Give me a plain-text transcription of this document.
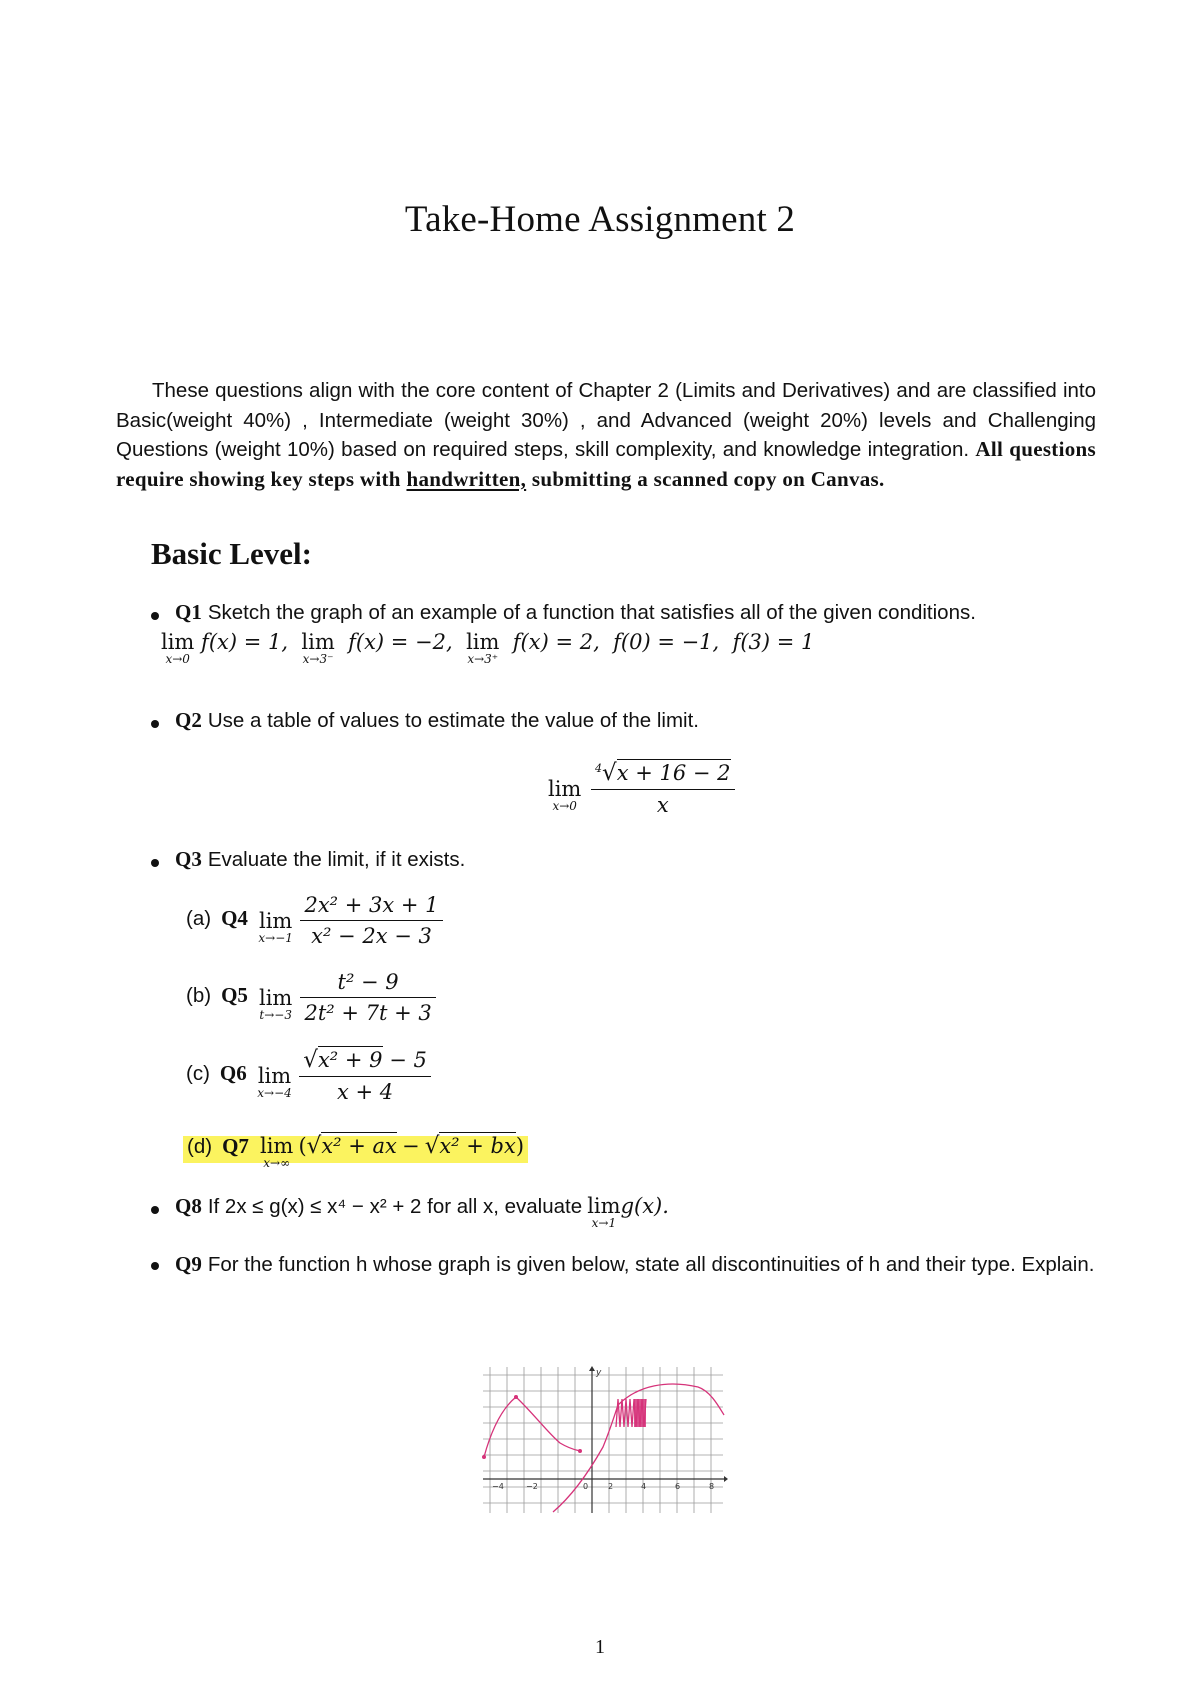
Take-Home Assignment 2
These questions align with the core content of Chapter 2 (Limits and Derivatives) and are classified into Basic(weight 40%) , Intermediate (weight 30%) , and Advanced (weight 20%) levels and Challenging Questions (weight 10%) based on required steps, skill complexity, and knowledge integration. All questions require showing key steps with handwritten, submitting a scanned copy on Canvas.
Basic Level:
Q1 Sketch the graph of an example of a function that satisfies all of the given conditions.
lim
x→0
f(x) = 1, lim
x→3⁻
f(x) = −2, lim
x→3⁺
f(x) = 2, f(0) = −1, f(3) = 1
Q2 Use a table of values to estimate the value of the limit.
lim
x→0
$\frac{^4√x + 16 - 2}{x}$
Q3 Evaluate the limit, if it exists.
(a) Q4 lim
x→−1
$\frac{\text{2x² + 3x + 1}}{\text{x² − 2x − 3}}$
(b) Q5 lim
t→−3
$\frac{\text{t² − 9}}{\text{2t² + 7t + 3}}$
(c) Q6 lim
x→−4
$\frac{\text{√x² + 9 − 5}}{x + 4}$
(d) Q7 lim
x→∞
(√x² + ax − √x² + bx)
Q8 If 2x ≤ g(x) ≤ x⁴ − x² + 2 for all x, evaluate lim
x→1
g(x).
Q9 For the function h whose graph is given below, state all discontinuities of h and their type. Explain.
y
−4	−2	0 2	4	6	8
1
